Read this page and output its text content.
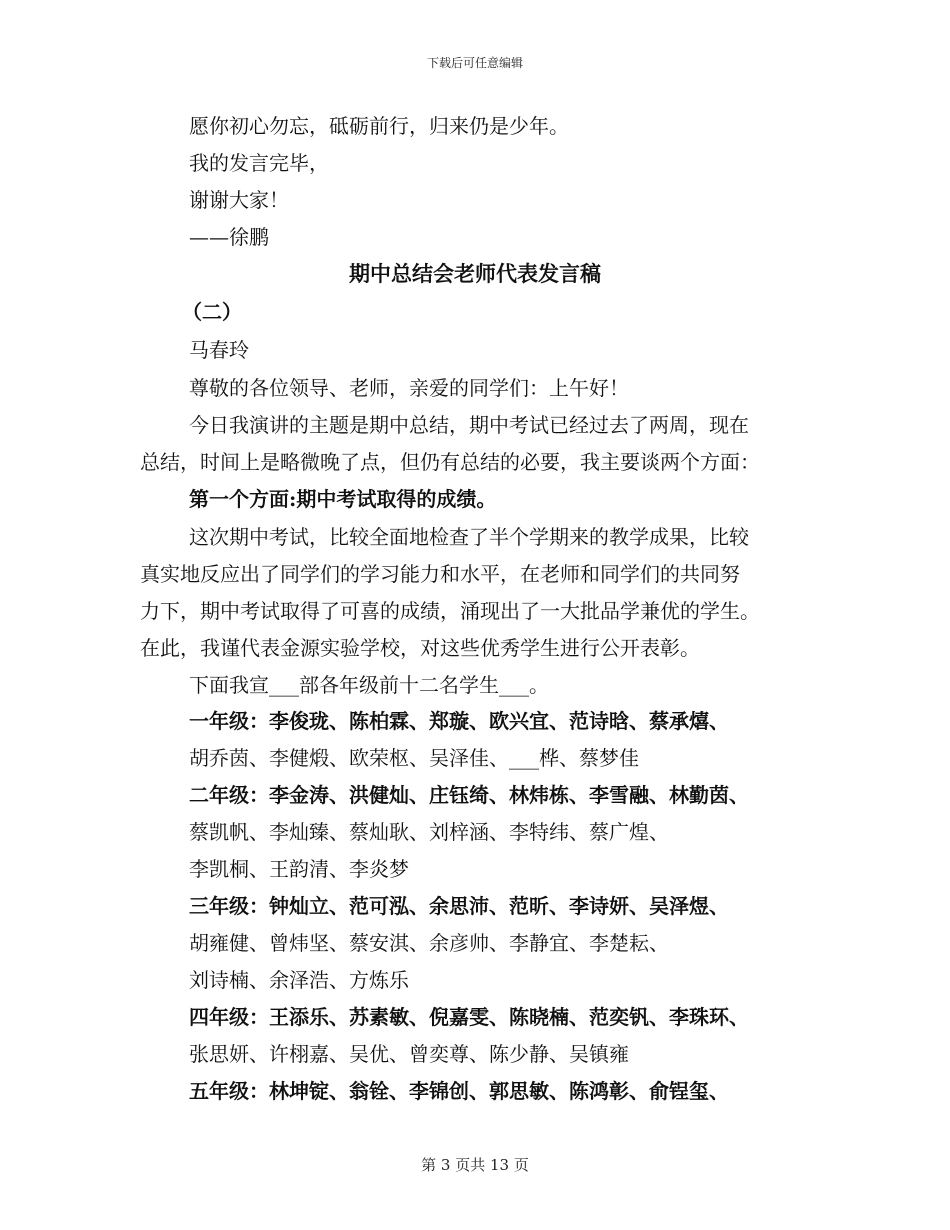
下载后可任意编辑
愿你初心勿忘，砥砺前行，归来仍是少年。
我的发言完毕，
谢谢大家！
——徐鹏
期中总结会老师代表发言稿
（二）
马春玲
尊敬的各位领导、老师，亲爱的同学们：上午好！
今日我演讲的主题是期中总结，期中考试已经过去了两周，现在
总结，时间上是略微晚了点，但仍有总结的必要，我主要谈两个方面：
第一个方面:期中考试取得的成绩。
这次期中考试，比较全面地检查了半个学期来的教学成果，比较
真实地反应出了同学们的学习能力和水平，在老师和同学们的共同努
力下，期中考试取得了可喜的成绩，涌现出了一大批品学兼优的学生。
在此，我谨代表金源实验学校，对这些优秀学生进行公开表彰。
下面我宣___部各年级前十二名学生___。
一年级：李俊珑、陈柏霖、郑璇、欧兴宜、范诗晗、蔡承熺、
胡乔茵、李健煅、欧荣枢、吴泽佳、___桦、蔡梦佳
二年级：李金涛、洪健灿、庄钰绮、林炜栋、李雪融、林勤茵、
蔡凯帆、李灿臻、蔡灿耿、刘梓涵、李特纬、蔡广煌、
李凯桐、王韵清、李炎梦
三年级：钟灿立、范可泓、余思沛、范昕、李诗妍、吴泽煜、
胡雍健、曾炜坚、蔡安淇、余彦帅、李静宜、李楚耘、
刘诗楠、余泽浩、方炼乐
四年级：王添乐、苏素敏、倪嘉雯、陈晓楠、范奕钒、李珠环、
张思妍、许栩嘉、吴优、曾奕尊、陈少静、吴镇雍
五年级：林坤锭、翁铨、李锦创、郭思敏、陈鸿彰、俞锃玺、
第 3 页共 13 页
